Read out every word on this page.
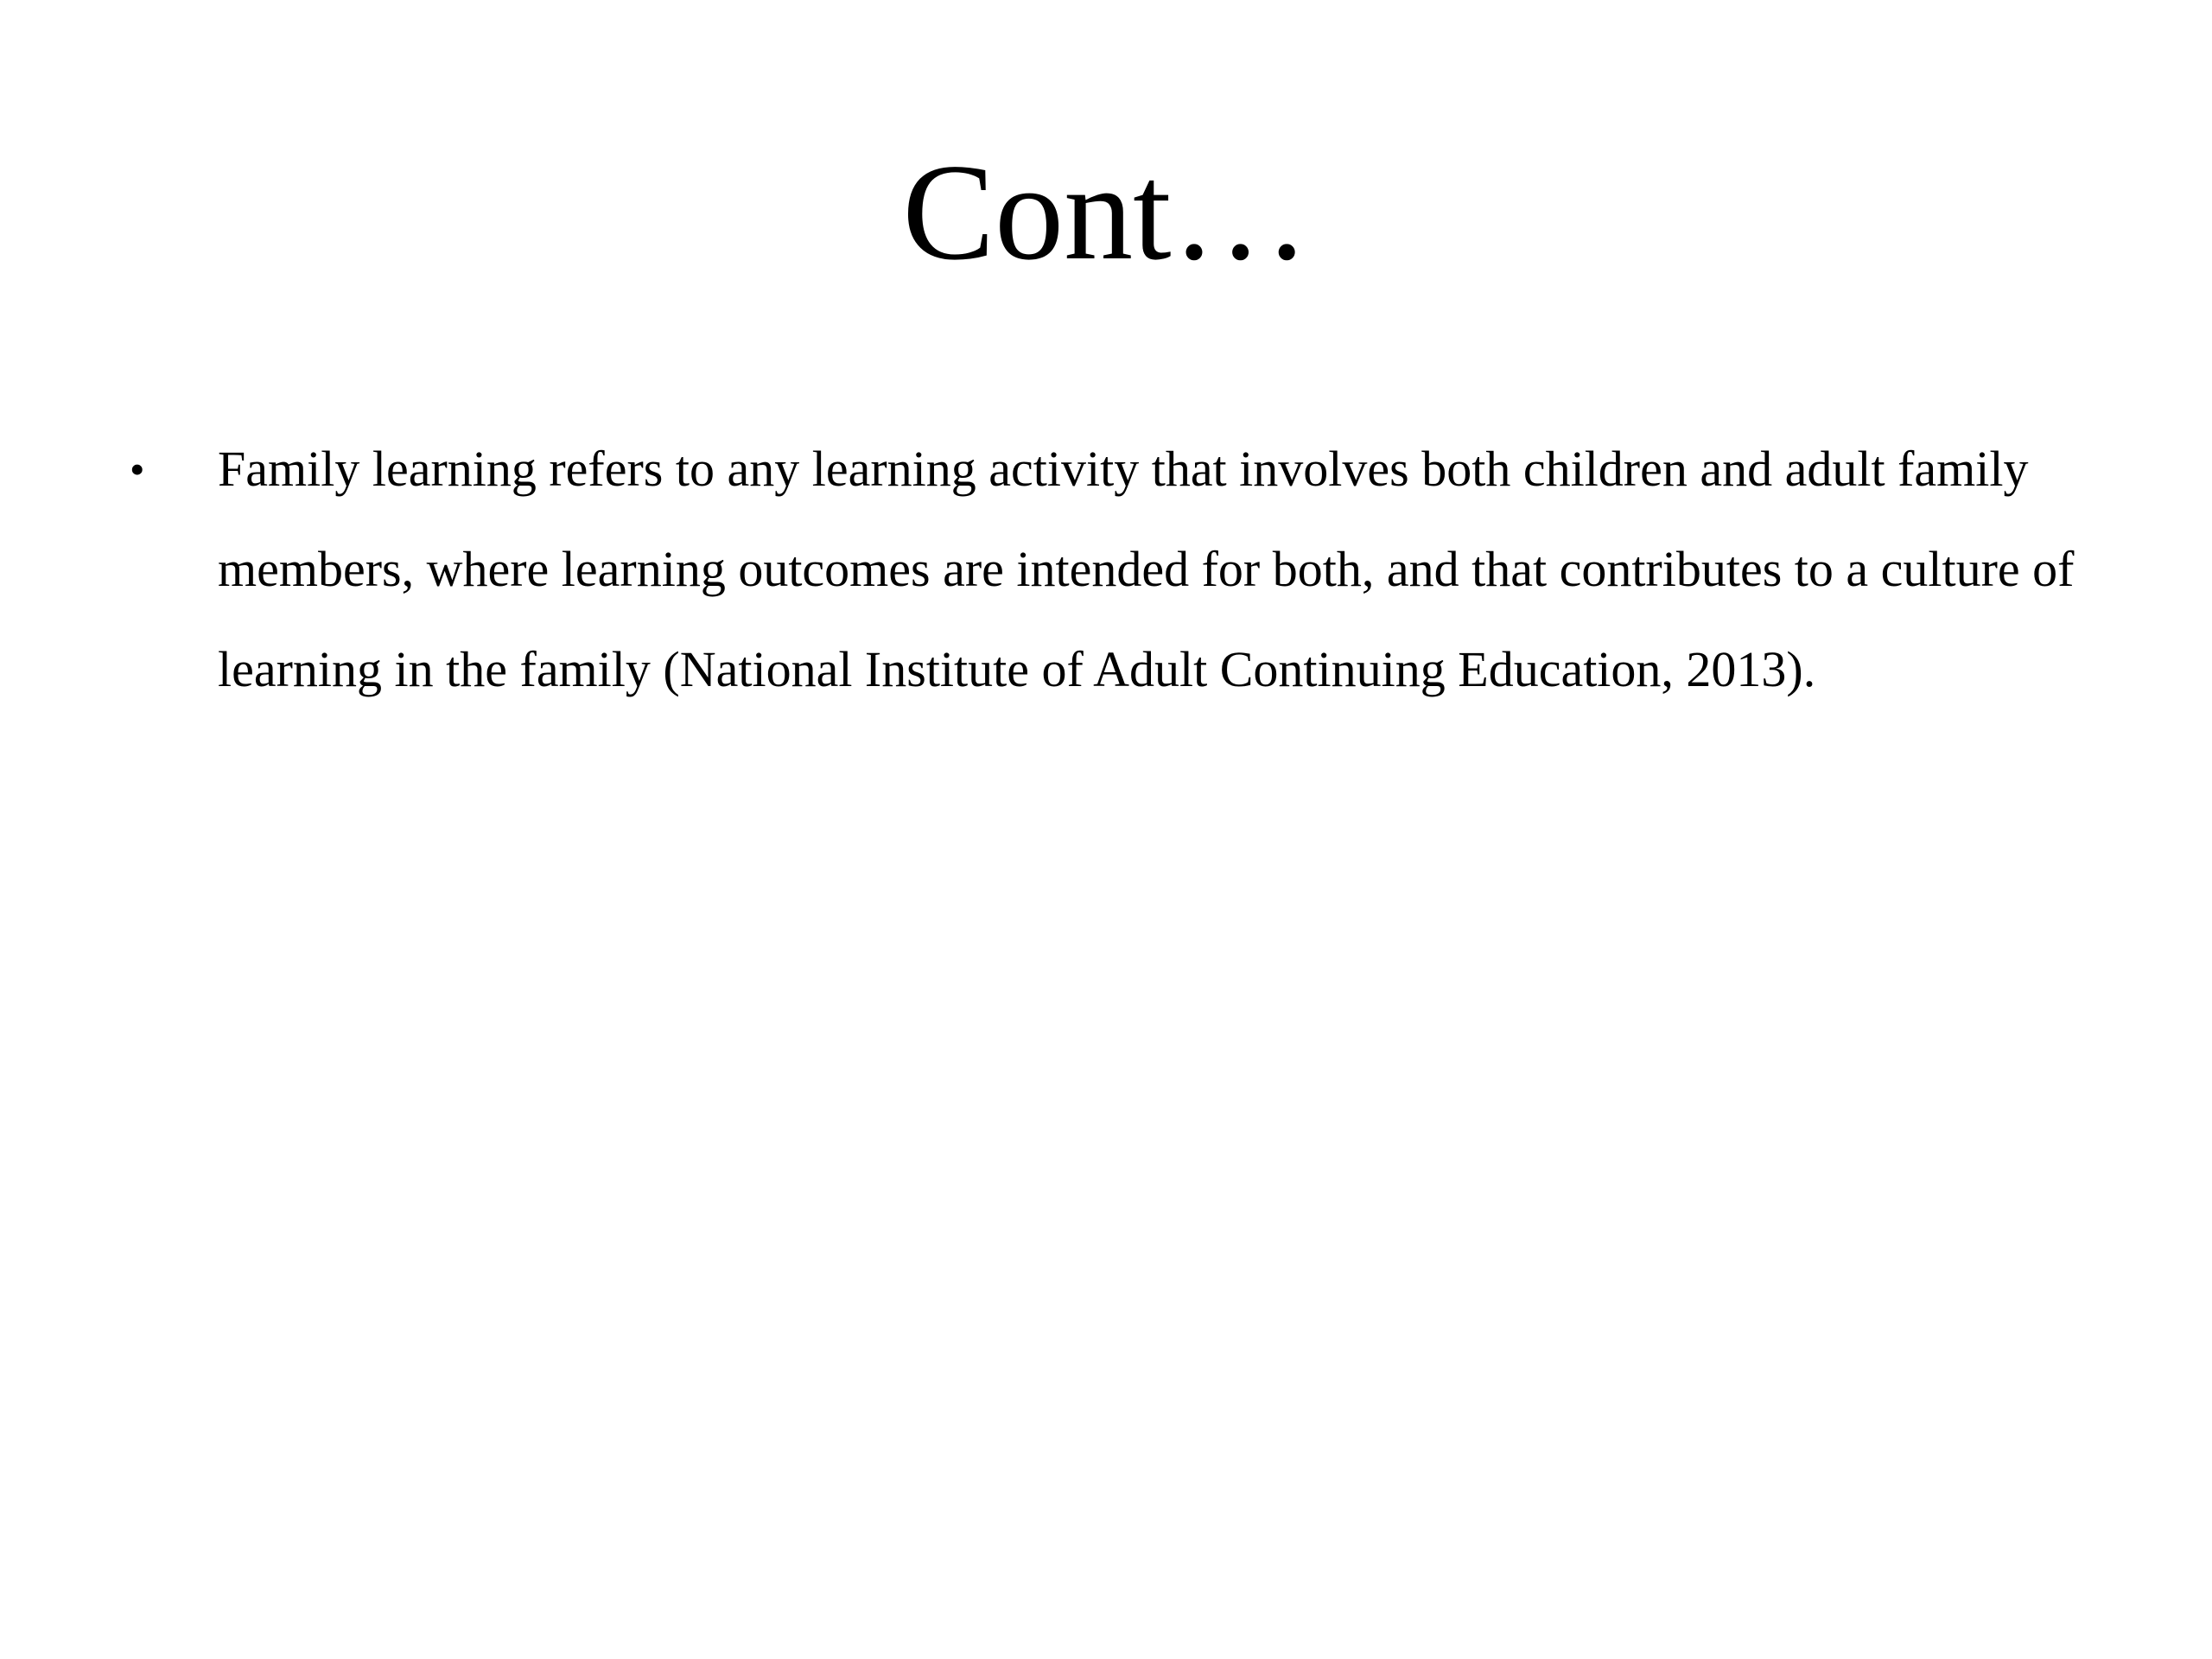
Cont…
• Family learning refers to any learning activity that involves both children and adult family members, where learning outcomes are intended for both, and that contributes to a culture of learning in the family (National Institute of Adult Continuing Education, 2013).
